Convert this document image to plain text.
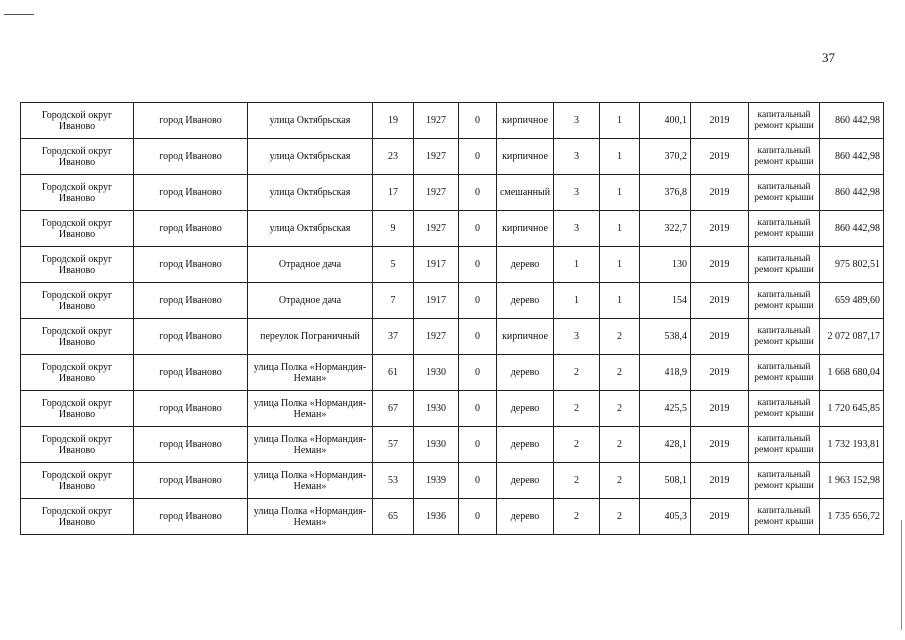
37
Городской округ Иваново	город Иваново	улица Октябрьская	19	1927	0	кирпичное	3	1	400,1	2019	капитальный ремонт крыши	860 442,98
Городской округ Иваново	город Иваново	улица Октябрьская	23	1927	0	кирпичное	3	1	370,2	2019	капитальный ремонт крыши	860 442,98
Городской округ Иваново	город Иваново	улица Октябрьская	17	1927	0	смешанный	3	1	376,8	2019	капитальный ремонт крыши	860 442,98
Городской округ Иваново	город Иваново	улица Октябрьская	9	1927	0	кирпичное	3	1	322,7	2019	капитальный ремонт крыши	860 442,98
Городской округ Иваново	город Иваново	Отрадное дача	5	1917	0	дерево	1	1	130	2019	капитальный ремонт крыши	975 802,51
Городской округ Иваново	город Иваново	Отрадное дача	7	1917	0	дерево	1	1	154	2019	капитальный ремонт крыши	659 489,60
Городской округ Иваново	город Иваново	переулок Пограничный	37	1927	0	кирпичное	3	2	538,4	2019	капитальный ремонт крыши	2 072 087,17
Городской округ Иваново	город Иваново	улица Полка «Нормандия-Неман»	61	1930	0	дерево	2	2	418,9	2019	капитальный ремонт крыши	1 668 680,04
Городской округ Иваново	город Иваново	улица Полка «Нормандия-Неман»	67	1930	0	дерево	2	2	425,5	2019	капитальный ремонт крыши	1 720 645,85
Городской округ Иваново	город Иваново	улица Полка «Нормандия-Неман»	57	1930	0	дерево	2	2	428,1	2019	капитальный ремонт крыши	1 732 193,81
Городской округ Иваново	город Иваново	улица Полка «Нормандия-Неман»	53	1939	0	дерево	2	2	508,1	2019	капитальный ремонт крыши	1 963 152,98
Городской округ Иваново	город Иваново	улица Полка «Нормандия-Неман»	65	1936	0	дерево	2	2	405,3	2019	капитальный ремонт крыши	1 735 656,72
